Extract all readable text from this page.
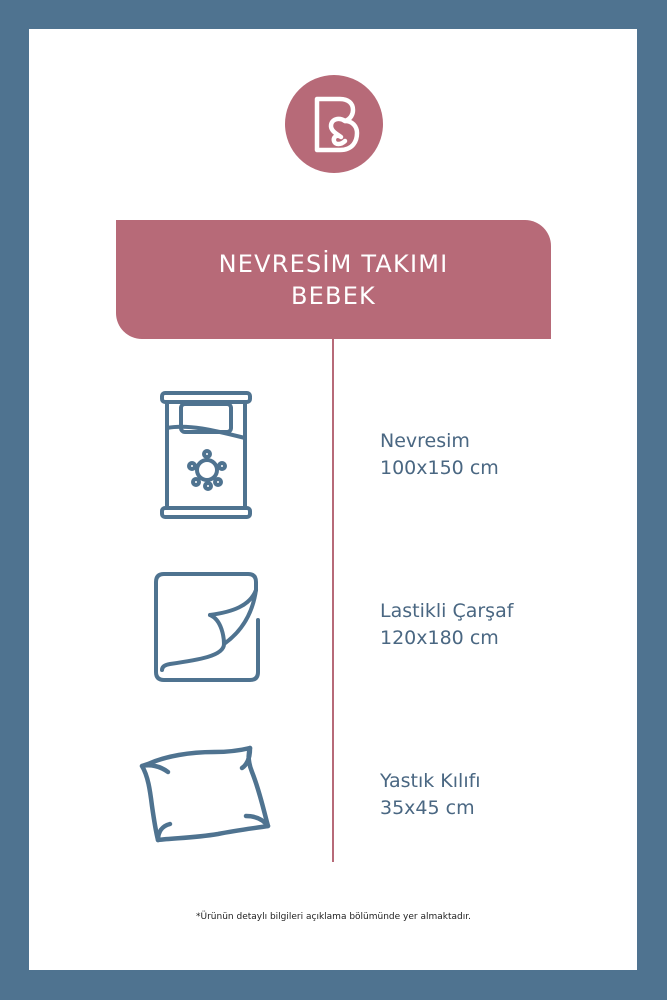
NEVRESİM TAKIMI
BEBEK
Nevresim
100x150 cm
Lastikli Çarşaf
120x180 cm
Yastık Kılıfı
35x45 cm
*Ürünün detaylı bilgileri açıklama bölümünde yer almaktadır.
